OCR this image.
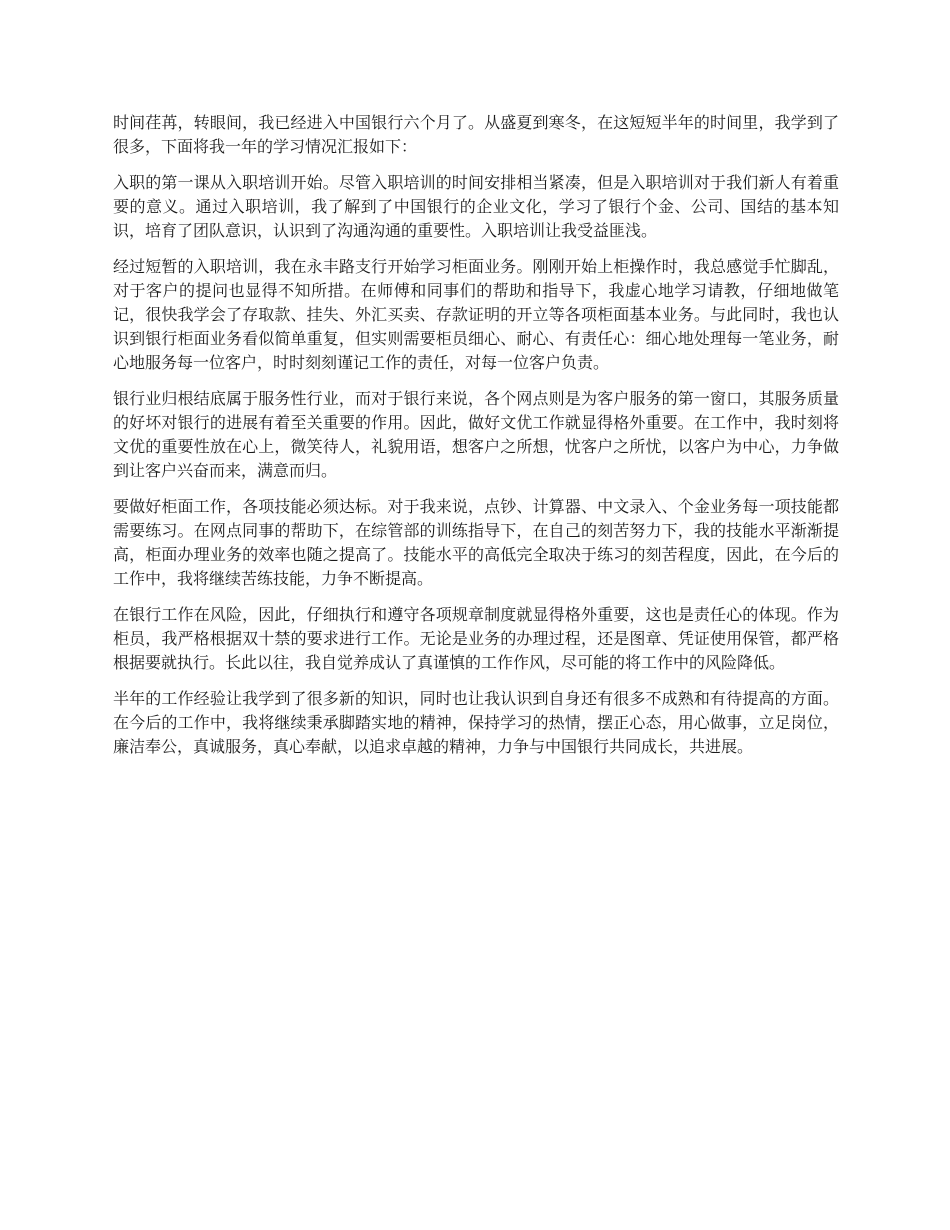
时间荏苒，转眼间，我已经进入中国银行六个月了。从盛夏到寒冬，在这短短半年的时间里，我学到了很多，下面将我一年的学习情况汇报如下：

入职的第一课从入职培训开始。尽管入职培训的时间安排相当紧凑，但是入职培训对于我们新人有着重要的意义。通过入职培训，我了解到了中国银行的企业文化，学习了银行个金、公司、国结的基本知识，培育了团队意识，认识到了沟通沟通的重要性。入职培训让我受益匪浅。

经过短暂的入职培训，我在永丰路支行开始学习柜面业务。刚刚开始上柜操作时，我总感觉手忙脚乱，对于客户的提问也显得不知所措。在师傅和同事们的帮助和指导下，我虚心地学习请教，仔细地做笔记，很快我学会了存取款、挂失、外汇买卖、存款证明的开立等各项柜面基本业务。与此同时，我也认识到银行柜面业务看似简单重复，但实则需要柜员细心、耐心、有责任心：细心地处理每一笔业务，耐心地服务每一位客户，时时刻刻谨记工作的责任，对每一位客户负责。

银行业归根结底属于服务性行业，而对于银行来说，各个网点则是为客户服务的第一窗口，其服务质量的好坏对银行的进展有着至关重要的作用。因此，做好文优工作就显得格外重要。在工作中，我时刻将文优的重要性放在心上，微笑待人，礼貌用语，想客户之所想，忧客户之所忧，以客户为中心，力争做到让客户兴奋而来，满意而归。

要做好柜面工作，各项技能必须达标。对于我来说，点钞、计算器、中文录入、个金业务每一项技能都需要练习。在网点同事的帮助下，在综管部的训练指导下，在自己的刻苦努力下，我的技能水平渐渐提高，柜面办理业务的效率也随之提高了。技能水平的高低完全取决于练习的刻苦程度，因此，在今后的工作中，我将继续苦练技能，力争不断提高。

在银行工作在风险，因此，仔细执行和遵守各项规章制度就显得格外重要，这也是责任心的体现。作为柜员，我严格根据双十禁的要求进行工作。无论是业务的办理过程，还是图章、凭证使用保管，都严格根据要就执行。长此以往，我自觉养成认了真谨慎的工作作风，尽可能的将工作中的风险降低。

半年的工作经验让我学到了很多新的知识，同时也让我认识到自身还有很多不成熟和有待提高的方面。在今后的工作中，我将继续秉承脚踏实地的精神，保持学习的热情，摆正心态，用心做事，立足岗位，廉洁奉公，真诚服务，真心奉献，以追求卓越的精神，力争与中国银行共同成长，共进展。
